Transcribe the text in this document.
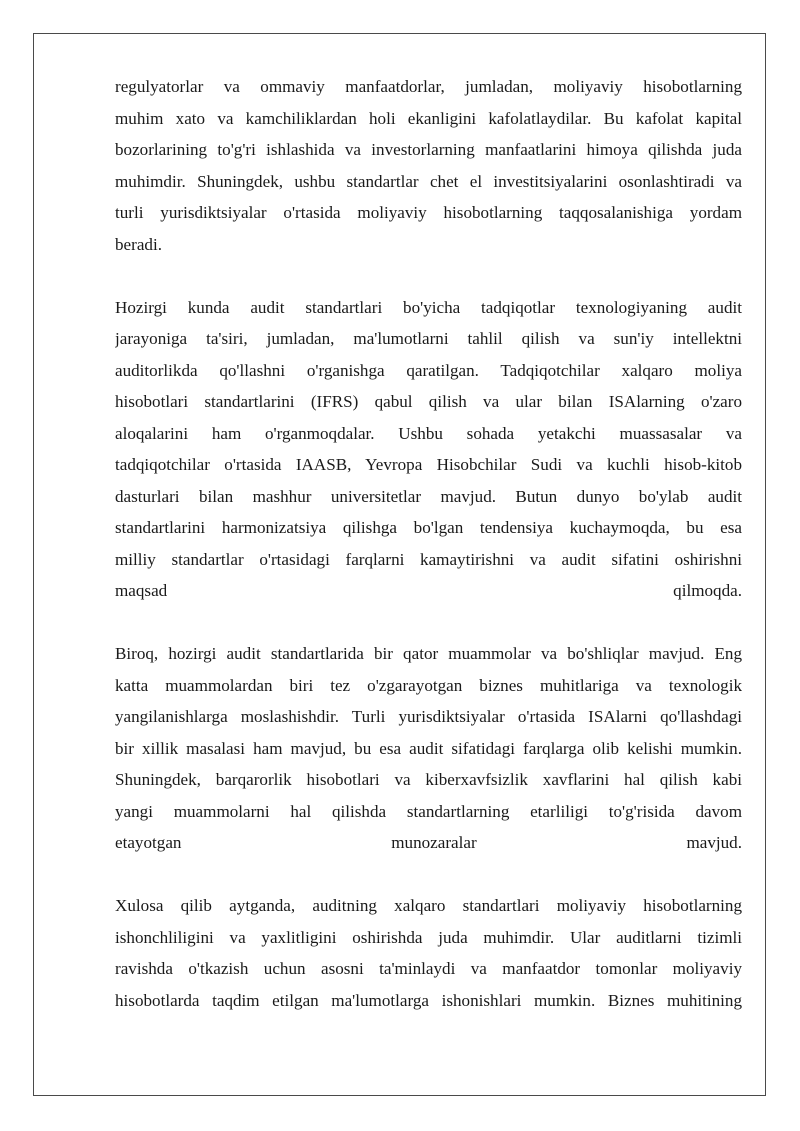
regulyatorlar va ommaviy manfaatdorlar, jumladan, moliyaviy hisobotlarning
muhim xato va kamchiliklardan holi ekanligini kafolatlaydilar. Bu kafolat kapital
bozorlarining to'g'ri ishlashida va investorlarning manfaatlarini himoya qilishda juda
muhimdir. Shuningdek, ushbu standartlar chet el investitsiyalarini osonlashtiradi va
turli yurisdiktsiyalar o'rtasida moliyaviy hisobotlarning taqqosalanishiga yordam
beradi.

Hozirgi kunda audit standartlari bo'yicha tadqiqotlar texnologiyaning audit
jarayoniga ta'siri, jumladan, ma'lumotlarni tahlil qilish va sun'iy intellektni
auditorlikda qo'llashni o'rganishga qaratilgan. Tadqiqotchilar xalqaro moliya
hisobotlari standartlarini (IFRS) qabul qilish va ular bilan ISAlarning o'zaro
aloqalarini ham o'rganmoqdalar. Ushbu sohada yetakchi muassasalar va
tadqiqotchilar o'rtasida IAASB, Yevropa Hisobchilar Sudi va kuchli hisob-kitob
dasturlari bilan mashhur universitetlar mavjud. Butun dunyo bo'ylab audit
standartlarini harmonizatsiya qilishga bo'lgan tendensiya kuchaymoqda, bu esa
milliy standartlar o'rtasidagi farqlarni kamaytirishni va audit sifatini oshirishni
maqsad qilmoqda.

Biroq, hozirgi audit standartlarida bir qator muammolar va bo'shliqlar mavjud. Eng
katta muammolardan biri tez o'zgarayotgan biznes muhitlariga va texnologik
yangilanishlarga moslashishdir. Turli yurisdiktsiyalar o'rtasida ISAlarni qo'llashdagi
bir xillik masalasi ham mavjud, bu esa audit sifatidagi farqlarga olib kelishi mumkin.
Shuningdek, barqarorlik hisobotlari va kiberxavfsizlik xavflarini hal qilish kabi
yangi muammolarni hal qilishda standartlarning etarliligi to'g'risida davom
etayotgan munozaralar mavjud.

Xulosa qilib aytganda, auditning xalqaro standartlari moliyaviy hisobotlarning
ishonchliligini va yaxlitligini oshirishda juda muhimdir. Ular auditlarni tizimli
ravishda o'tkazish uchun asosni ta'minlaydi va manfaatdor tomonlar moliyaviy
hisobotlarda taqdim etilgan ma'lumotlarga ishonishlari mumkin. Biznes muhitining
